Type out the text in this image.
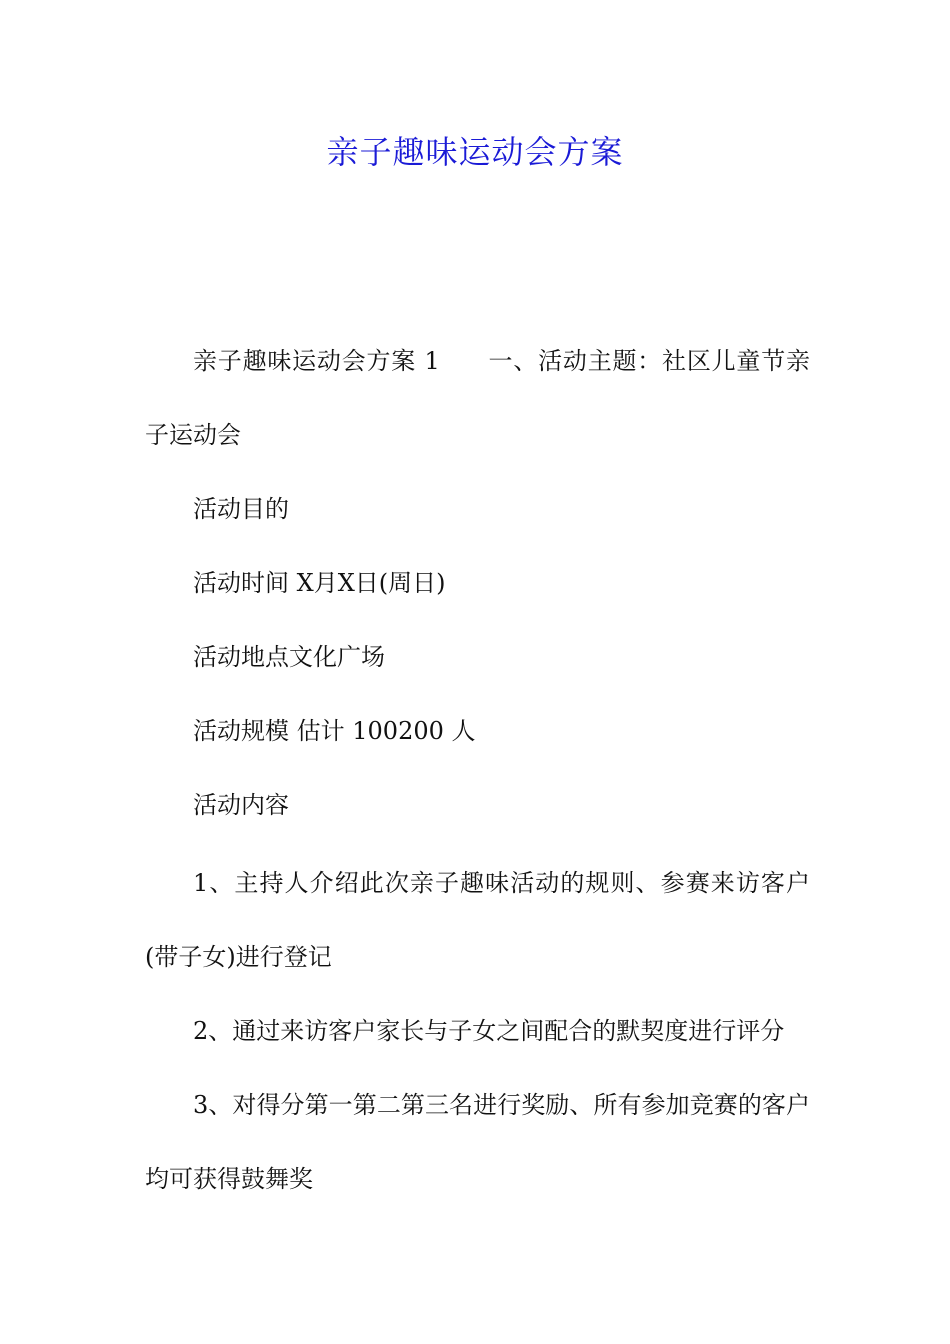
亲子趣味运动会方案

亲子趣味运动会方案 1 一、活动主题：社区儿童节亲子运动会

活动目的

活动时间 X月X日(周日)

活动地点文化广场

活动规模 估计 100200 人

活动内容

1、主持人介绍此次亲子趣味活动的规则、参赛来访客户(带子女)进行登记

2、通过来访客户家长与子女之间配合的默契度进行评分

3、对得分第一第二第三名进行奖励、所有参加竞赛的客户均可获得鼓舞奖
